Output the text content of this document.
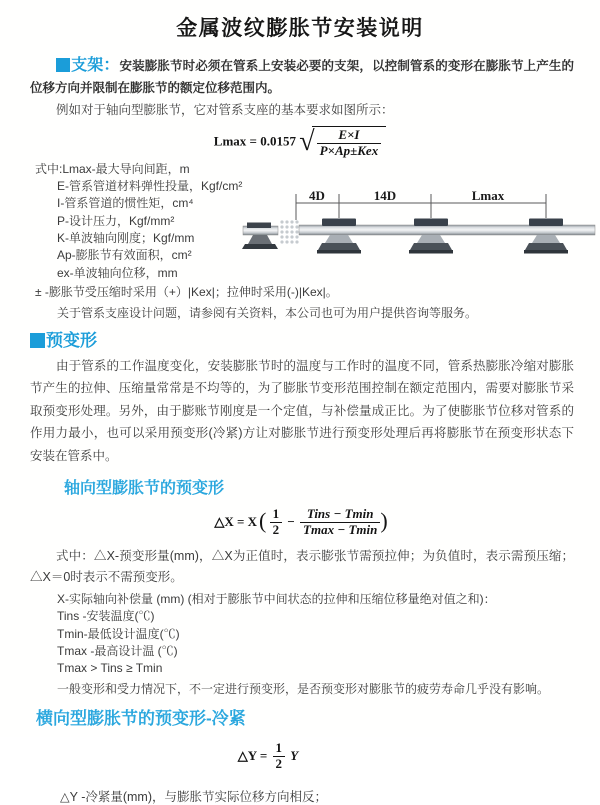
金属波纹膨胀节安装说明

支架：安装膨胀节时必须在管系上安装必要的支架，以控制管系的变形在膨胀节上产生的位移方向并限制在膨胀节的额定位移范围内。

例如对于轴向型膨胀节，它对管系支座的基本要求如图所示：

Lmax = 0.0157 √ $\frac{E\times I}{\text{P×Ap±Kex}}$
式中:Lmax-最大导向间距，m
E-管系管道材料弹性投量，Kgf/cm²
I-管系管道的惯性矩，cm⁴
P-设计压力，Kgf/mm²
K-单波轴向刚度；Kgf/mm
Ap-膨胀节有效面积，cm²
ex-单波轴向位移，mm
4D	14D	Lmax
± -膨胀节受压缩时采用（+）|Kex|；拉伸时采用(-)|Kex|。
关于管系支座设计问题，请参阅有关资料，本公司也可为用户提供咨询等服务。
预变形

由于管系的工作温度变化，安装膨胀节时的温度与工作时的温度不同，管系热膨胀冷缩对膨胀节产生的拉伸、压缩量常常是不均等的，为了膨胀节变形范围控制在额定范围内，需要对膨胀节采取预变形处理。另外，由于膨账节刚度是一个定值，与补偿量成正比。为了使膨胀节位移对管系的作用力最小，也可以采用预变形(冷紧)方让对膨胀节进行预变形处理后再将膨胀节在预变形状态下安装在管系中。

轴向型膨胀节的预变形
△X = $X( \frac{1}{2} - \frac{\text{Tins − Tmin}}{Tmax - Tmin}$ )

式中：△X-预变形量(mm)，△X为正值时，表示膨张节需预拉伸；为负值时，表示需预压缩；△X＝0时表示不需预变形。

X-实际轴向补偿量 (mm) (相对于膨胀节中间状态的拉伸和压缩位移量绝对值之和)：
Tins -安装温度(℃)
Tmin-最低设计温度(℃)
Tmax -最高设计温 (℃)
Tmax > Tins ≥ Tmin
一般变形和受力情况下，不一定进行预变形，是否预变形对膨胀节的疲劳寿命几乎没有影响。
横向型膨胀节的预变形-冷紧
△Y = $\frac{1}{2}$ Y
△Y -冷紧量(mm)，与膨胀节实际位移方向相反；
